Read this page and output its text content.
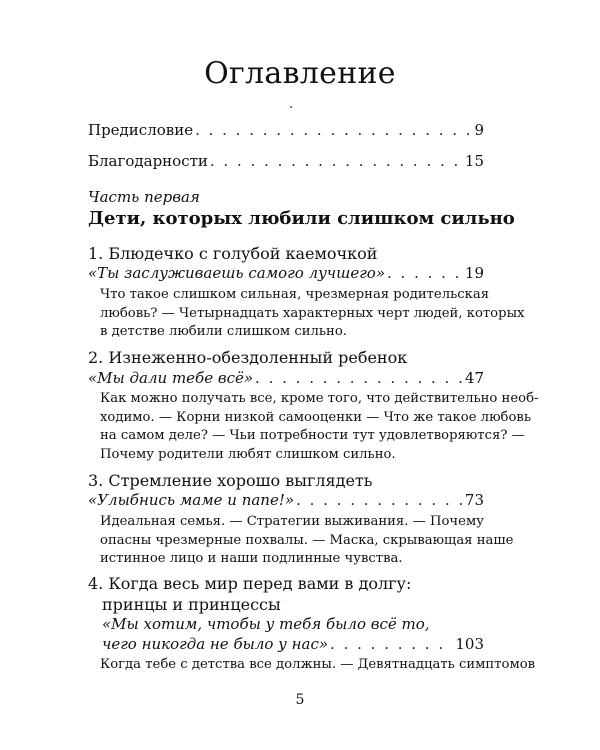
Оглавление
Предисловие . . .	9
Благодарности . . .	15
Часть первая
Дети, которых любили слишком сильно
1. Блюдечко с голубой каемочкой
«Ты заслуживаешь самого лучшего» . . .	19
Что такое слишком сильная, чрезмерная родительская
любовь? — Четырнадцать характерных черт людей, которых
в детстве любили слишком сильно.
2. Изнеженно-обездоленный ребенок
«Мы дали тебе всё» . . .	47
Как можно получать все, кроме того, что действительно необ-
ходимо. — Корни низкой самооценки — Что же такое любовь
на самом деле? — Чьи потребности тут удовлетворяются? —
Почему родители любят слишком сильно.
3. Стремление хорошо выглядеть
«Улыбнись маме и папе!» . . .	73
Идеальная семья. — Стратегии выживания. — Почему
опасны чрезмерные похвалы. — Маска, скрывающая наше
истинное лицо и наши подлинные чувства.
4. Когда весь мир перед вами в долгу:
принцы и принцессы
«Мы хотим, чтобы у тебя было всё то,
чего никогда не было у нас» . . .	103
Когда тебе с детства все должны. — Девятнадцать симптомов
5
